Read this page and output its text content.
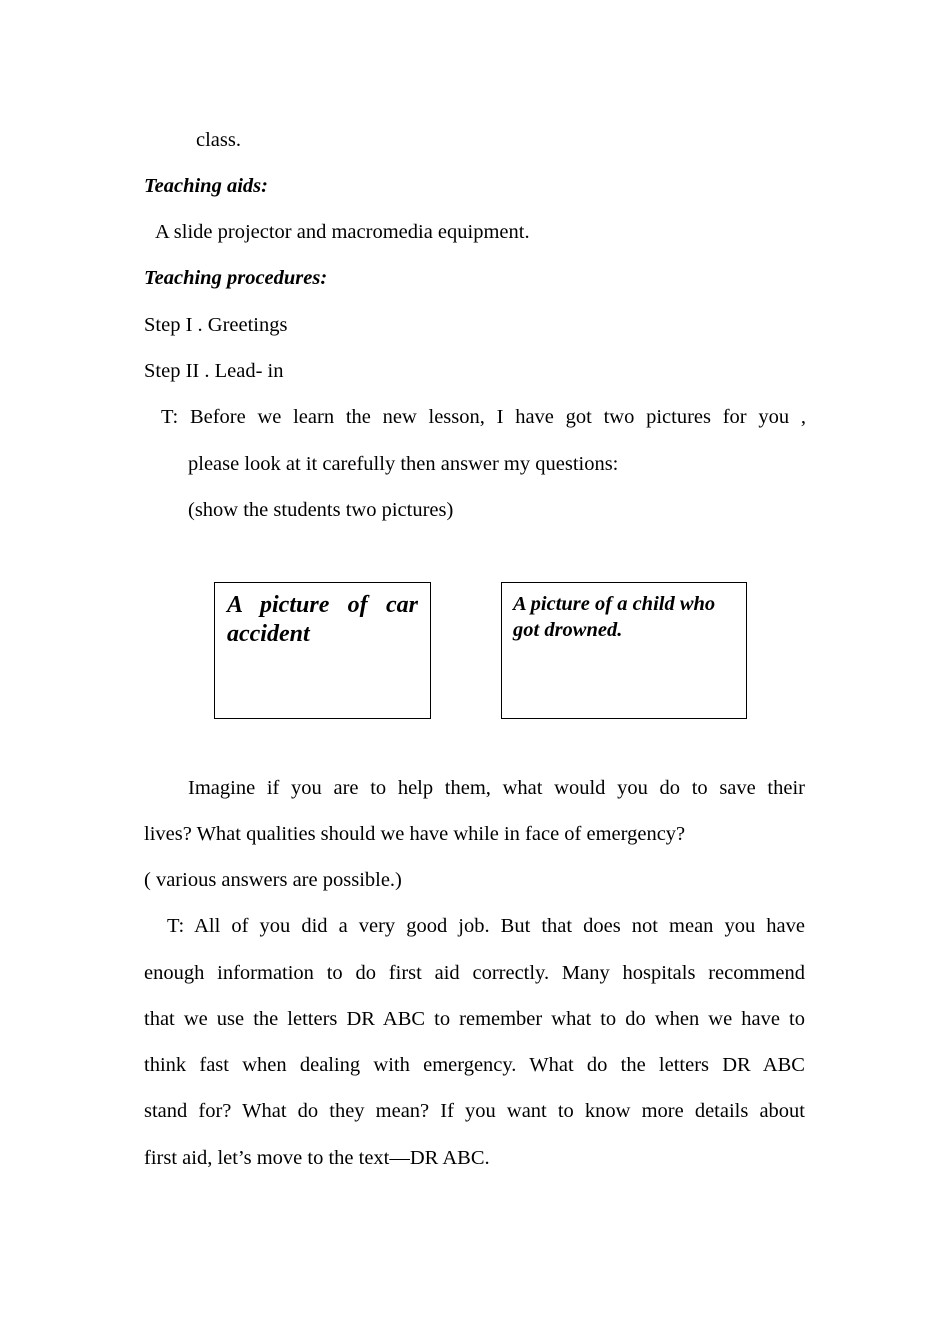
class.
Teaching aids:
A slide projector and macromedia equipment.
Teaching procedures:
Step I . Greetings
Step II . Lead- in
T: Before we learn the new lesson, I have got two pictures for you ,
please look at it carefully then answer my questions:
(show the students two pictures)
A picture of car accident
A picture of a child who got drowned.
Imagine if you are to help them, what would you do to save their
lives? What qualities should we have while in face of emergency?
( various answers are possible.)
T: All of you did a very good job. But that does not mean you have
enough information to do first aid correctly. Many hospitals recommend
that we use the letters DR ABC to remember what to do when we have to
think fast when dealing with emergency. What do the letters DR ABC
stand for? What do they mean? If you want to know more details about
first aid, let’s move to the text—DR ABC.
